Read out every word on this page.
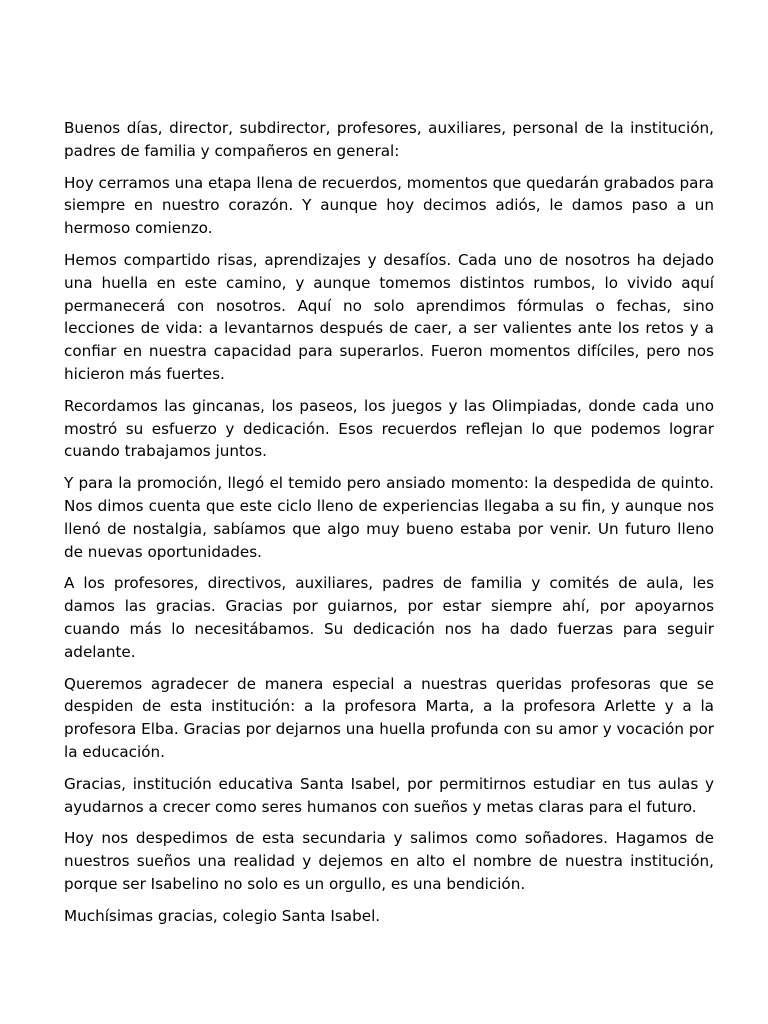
Buenos días, director, subdirector, profesores, auxiliares, personal de la institución, padres de familia y compañeros en general:

Hoy cerramos una etapa llena de recuerdos, momentos que quedarán grabados para siempre en nuestro corazón. Y aunque hoy decimos adiós, le damos paso a un hermoso comienzo.

Hemos compartido risas, aprendizajes y desafíos. Cada uno de nosotros ha dejado una huella en este camino, y aunque tomemos distintos rumbos, lo vivido aquí permanecerá con nosotros. Aquí no solo aprendimos fórmulas o fechas, sino lecciones de vida: a levantarnos después de caer, a ser valientes ante los retos y a confiar en nuestra capacidad para superarlos. Fueron momentos difíciles, pero nos hicieron más fuertes.

Recordamos las gincanas, los paseos, los juegos y las Olimpiadas, donde cada uno mostró su esfuerzo y dedicación. Esos recuerdos reflejan lo que podemos lograr cuando trabajamos juntos.

Y para la promoción, llegó el temido pero ansiado momento: la despedida de quinto. Nos dimos cuenta que este ciclo lleno de experiencias llegaba a su fin, y aunque nos llenó de nostalgia, sabíamos que algo muy bueno estaba por venir. Un futuro lleno de nuevas oportunidades.

A los profesores, directivos, auxiliares, padres de familia y comités de aula, les damos las gracias. Gracias por guiarnos, por estar siempre ahí, por apoyarnos cuando más lo necesitábamos. Su dedicación nos ha dado fuerzas para seguir adelante.

Queremos agradecer de manera especial a nuestras queridas profesoras que se despiden de esta institución: a la profesora Marta, a la profesora Arlette y a la profesora Elba. Gracias por dejarnos una huella profunda con su amor y vocación por la educación.

Gracias, institución educativa Santa Isabel, por permitirnos estudiar en tus aulas y ayudarnos a crecer como seres humanos con sueños y metas claras para el futuro.

Hoy nos despedimos de esta secundaria y salimos como soñadores. Hagamos de nuestros sueños una realidad y dejemos en alto el nombre de nuestra institución, porque ser Isabelino no solo es un orgullo, es una bendición.

Muchísimas gracias, colegio Santa Isabel.
